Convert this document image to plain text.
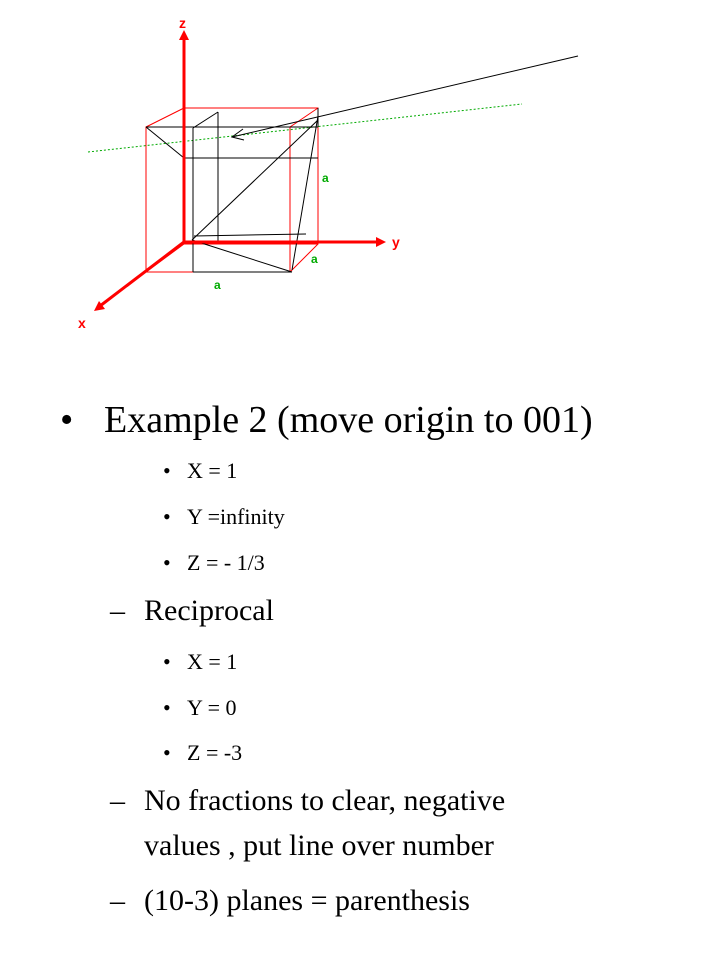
z
y
x
a
a
a
• Example 2 (move origin to 001)
• X = 1
• Y =infinity
• Z = - 1/3
– Reciprocal
• X = 1
• Y = 0
• Z = -3
– No fractions to clear, negative
values , put line over number
– (10-3) planes = parenthesis
